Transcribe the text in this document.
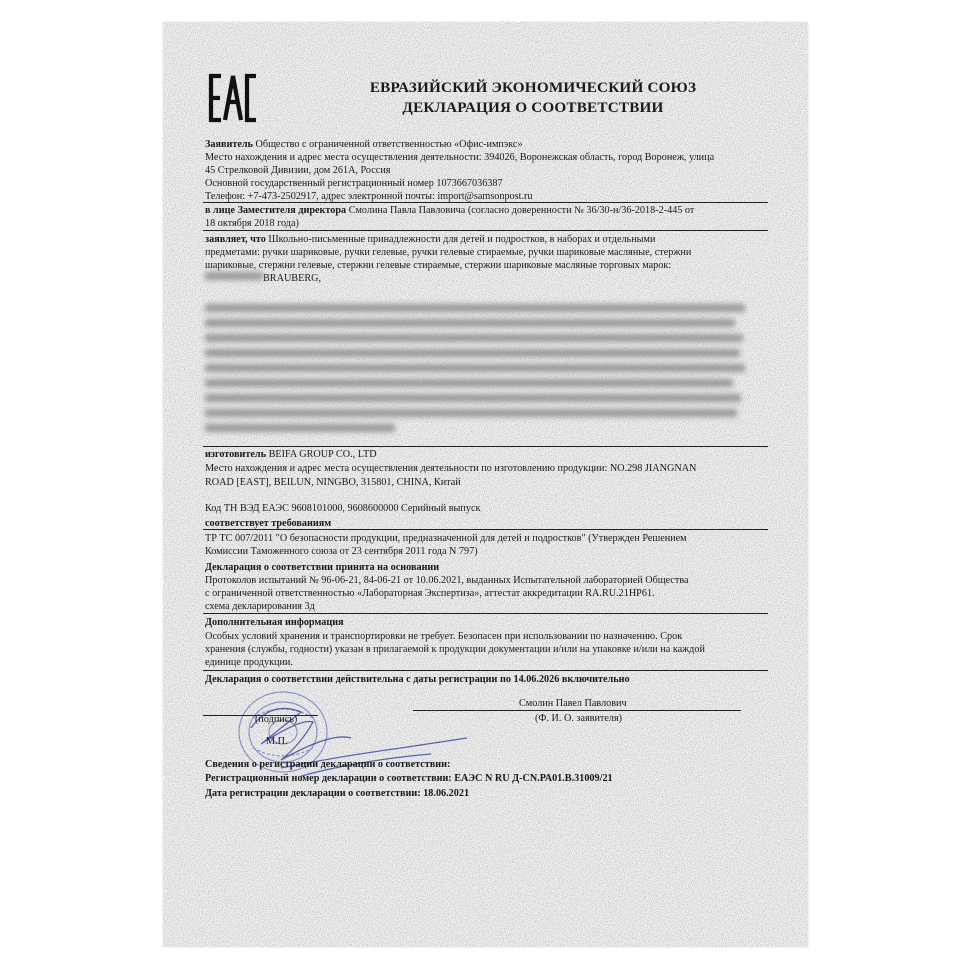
ЕВРАЗИЙСКИЙ ЭКОНОМИЧЕСКИЙ СОЮЗ
ДЕКЛАРАЦИЯ О СООТВЕТСТВИИ
Заявитель Общество с ограниченной ответственностью «Офис-импэкс»
Место нахождения и адрес места осуществления деятельности: 394026, Воронежская область, город Воронеж, улица
45 Стрелковой Дивизии, дом 261А, Россия
Основной государственный регистрационный номер 1073667036387
Телефон: +7-473-2502917, адрес электронной почты: import@samsonpost.ru
в лице Заместителя директора Смолина Павла Павловича (согласно доверенности № 36/30-н/36-2018-2-445 от
18 октября 2018 года)
заявляет, что Школьно-письменные принадлежности для детей и подростков, в наборах и отдельными
предметами: ручки шариковые, ручки гелевые, ручки гелевые стираемые, ручки шариковые масляные, стержни
шариковые, стержни гелевые, стержни гелевые стираемые, стержни шариковые масляные торговых марок:
BRAUBERG,
изготовитель BEIFA GROUP CO., LTD
Место нахождения и адрес места осуществления деятельности по изготовлению продукции: NO.298 JIANGNAN
ROAD [EAST], BEILUN, NINGBO, 315801, CHINA, Китай
Код ТН ВЭД ЕАЭС 9608101000, 9608600000 Серийный выпуск
соответствует требованиям
ТР ТС 007/2011 "О безопасности продукции, предназначенной для детей и подростков" (Утвержден Решением
Комиссии Таможенного союза от 23 сентября 2011 года N 797)
Декларация о соответствии принята на основании
Протоколов испытаний № 96-06-21, 84-06-21 от 10.06.2021, выданных Испытательной лабораторией Общества
с ограниченной ответственностью «Лабораторная Экспертиза», аттестат аккредитации RA.RU.21HP61.
схема декларирования 3д
Дополнительная информация
Особых условий хранения и транспортировки не требует. Безопасен при использовании по назначению. Срок
хранения (службы, годности) указан в прилагаемой к продукции документации и/или на упаковке и/или на каждой
единице продукции.
Декларация о соответствии действительна с даты регистрации по 14.06.2026 включительно
(подпись)
Смолин Павел Павлович
(Ф. И. О. заявителя)
М.П.
Сведения о регистрации декларации о соответствии:
Регистрационный номер декларации о соответствии: ЕАЭС N RU Д-CN.РА01.В.31009/21
Дата регистрации декларации о соответствии: 18.06.2021
